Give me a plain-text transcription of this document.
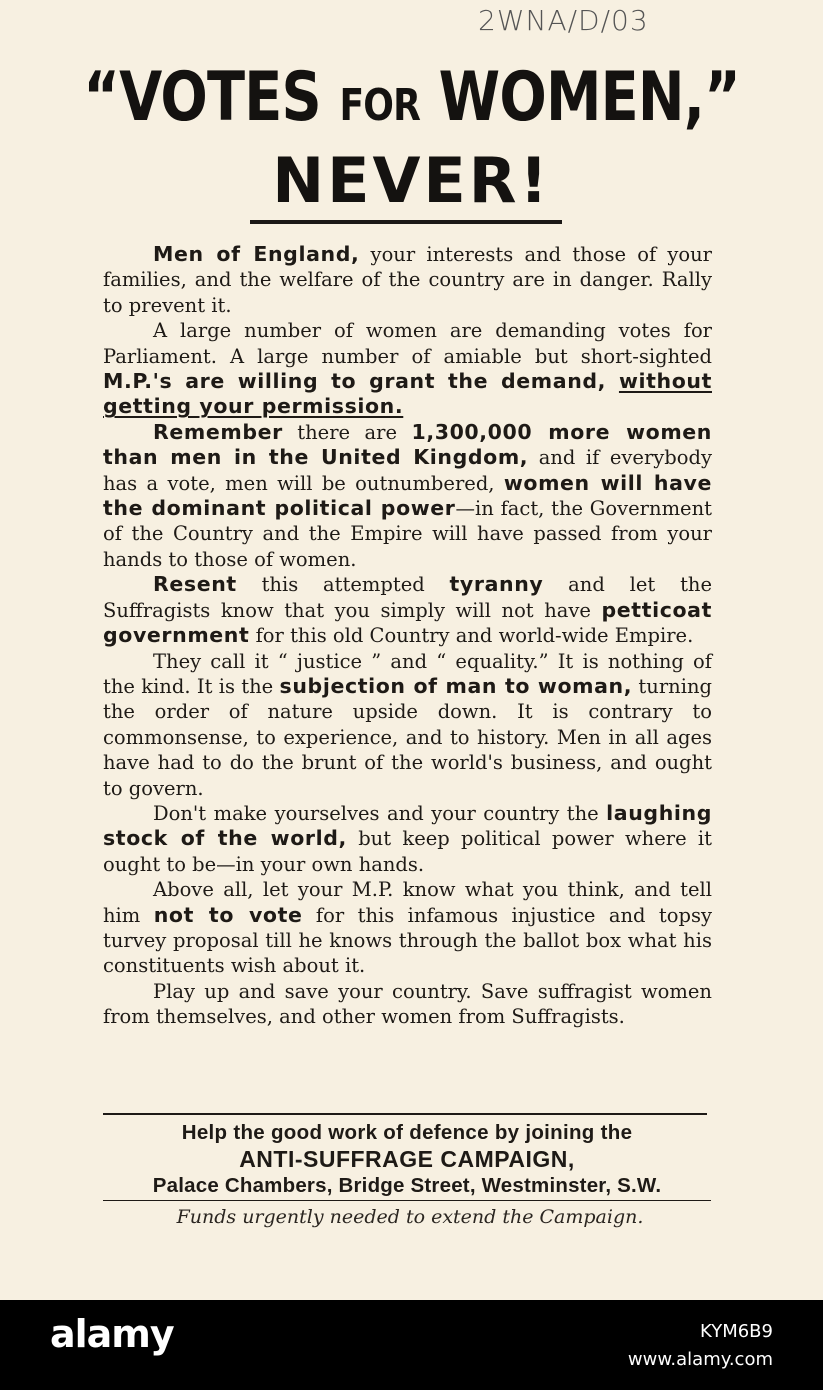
2WNA/D/03
“VOTES FOR WOMEN,”
NEVER!

Men of England, your interests and those of your families, and the welfare of the country are in danger. Rally to prevent it.

A large number of women are demanding votes for Parliament. A large number of amiable but short-sighted M.P.'s are willing to grant the demand, without getting your permission.

Remember there are 1,300,000 more women than men in the United Kingdom, and if everybody has a vote, men will be outnumbered, women will have the dominant political power—in fact, the Government of the Country and the Empire will have passed from your hands to those of women.

Resent this attempted tyranny and let the Suffragists know that you simply will not have petticoat government for this old Country and world-wide Empire.

They call it “ justice ” and “ equality.” It is nothing of the kind. It is the subjection of man to woman, turning the order of nature upside down. It is contrary to commonsense, to experience, and to history. Men in all ages have had to do the brunt of the world's business, and ought to govern.

Don't make yourselves and your country the laughing stock of the world, but keep political power where it ought to be—in your own hands.

Above all, let your M.P. know what you think, and tell him not to vote for this infamous injustice and topsy turvey proposal till he knows through the ballot box what his constituents wish about it.

Play up and save your country. Save suffragist women from themselves, and other women from Suffragists.

Help the good work of defence by joining the
ANTI-SUFFRAGE CAMPAIGN,
Palace Chambers, Bridge Street, Westminster, S.W.
Funds urgently needed to extend the Campaign.
alamy	KYM6B9
www.alamy.com
